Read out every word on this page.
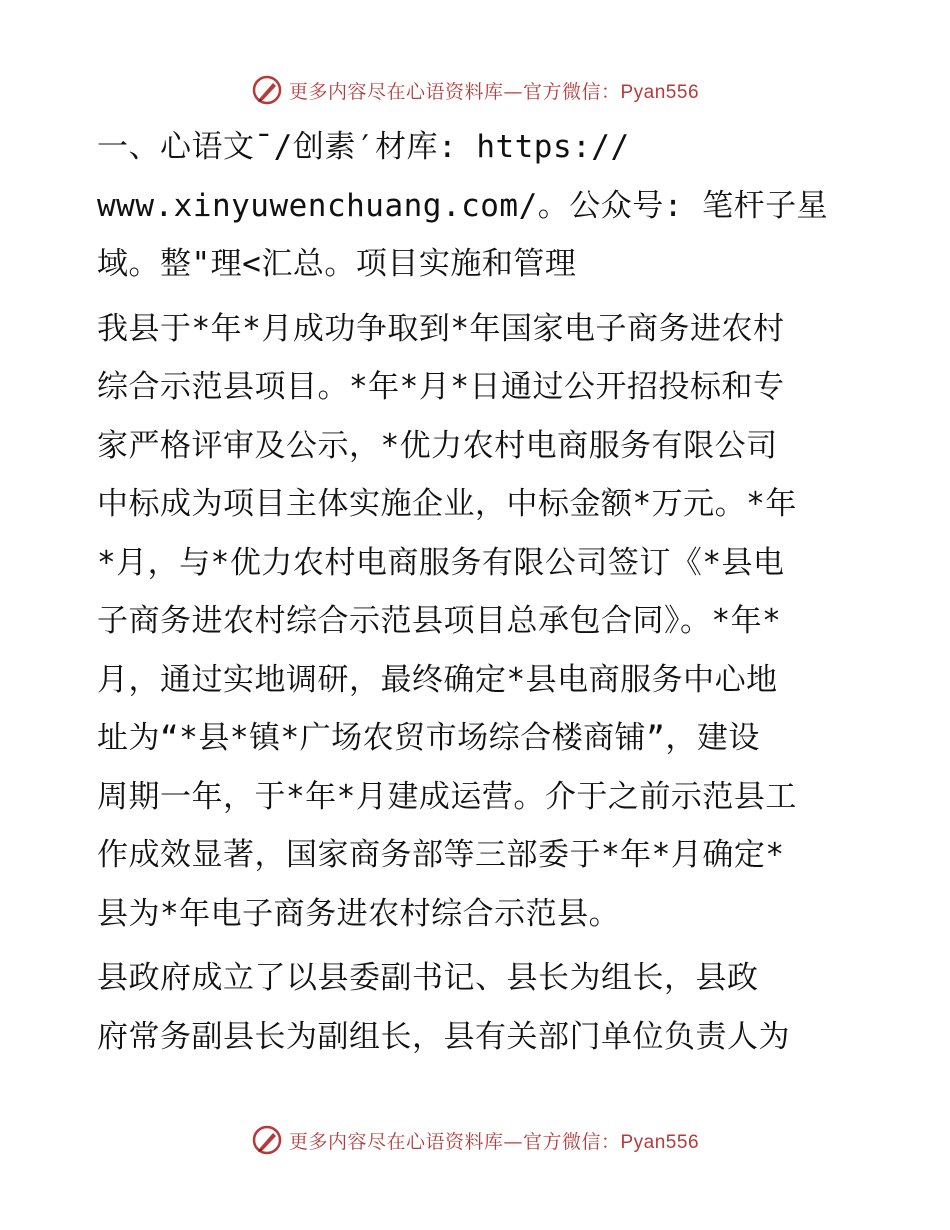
更多内容尽在心语资料库—官方微信：Pyan556
一、心语文¯/创素′材库: https://
www.xinyuwenchuang.com/。公众号: 笔杆子星
域。整"理<汇总。项目实施和管理
我县于*年*月成功争取到*年国家电子商务进农村
综合示范县项目。*年*月*日通过公开招投标和专
家严格评审及公示，*优力农村电商服务有限公司
中标成为项目主体实施企业，中标金额*万元。*年
*月，与*优力农村电商服务有限公司签订《*县电
子商务进农村综合示范县项目总承包合同》。*年*
月，通过实地调研，最终确定*县电商服务中心地
址为“*县*镇*广场农贸市场综合楼商铺”，建设
周期一年，于*年*月建成运营。介于之前示范县工
作成效显著，国家商务部等三部委于*年*月确定*
县为*年电子商务进农村综合示范县。
县政府成立了以县委副书记、县长为组长，县政
府常务副县长为副组长，县有关部门单位负责人为
更多内容尽在心语资料库—官方微信：Pyan556
